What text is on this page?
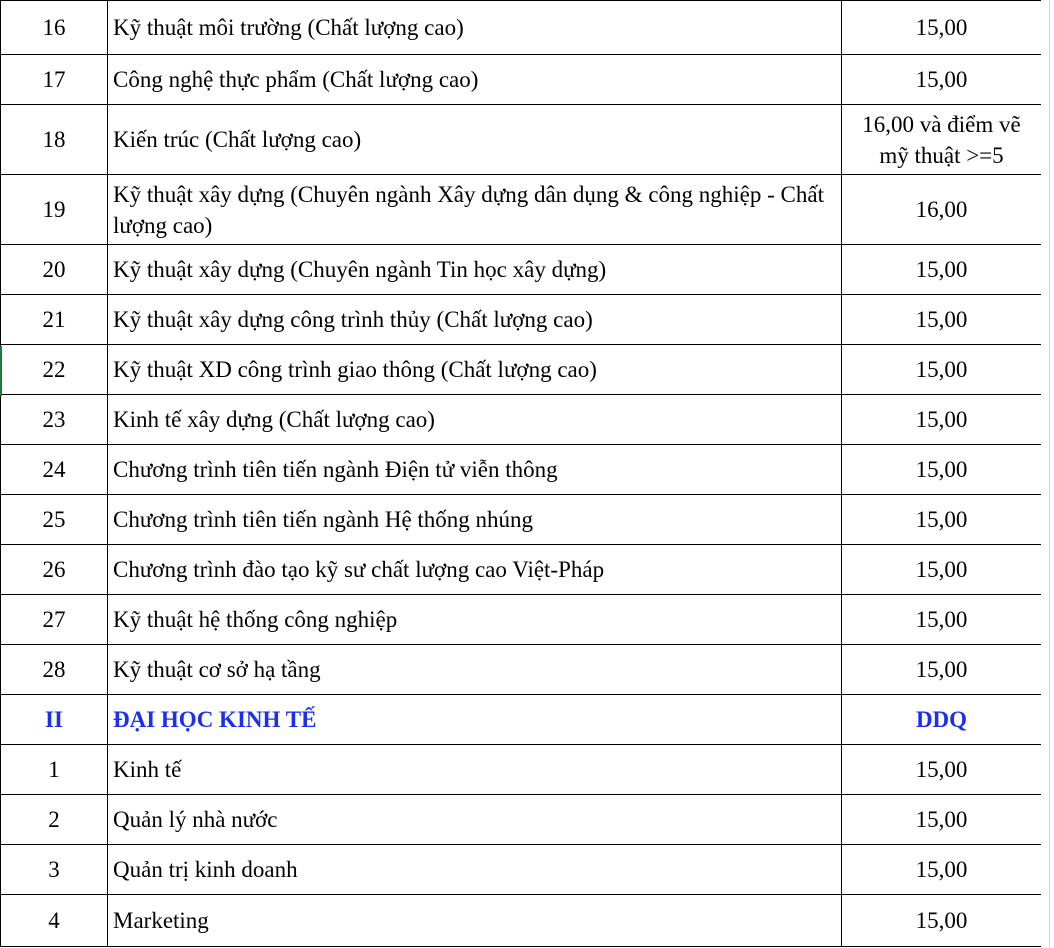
16	Kỹ thuật môi trường (Chất lượng cao)	15,00
17	Công nghệ thực phẩm (Chất lượng cao)	15,00
18	Kiến trúc (Chất lượng cao)	16,00 và điểm vẽ mỹ thuật >=5
19	Kỹ thuật xây dựng (Chuyên ngành Xây dựng dân dụng & công nghiệp - Chất lượng cao)	16,00
20	Kỹ thuật xây dựng (Chuyên ngành Tin học xây dựng)	15,00
21	Kỹ thuật xây dựng công trình thủy (Chất lượng cao)	15,00
22	Kỹ thuật XD công trình giao thông (Chất lượng cao)	15,00
23	Kinh tế xây dựng (Chất lượng cao)	15,00
24	Chương trình tiên tiến ngành Điện tử viễn thông	15,00
25	Chương trình tiên tiến ngành Hệ thống nhúng	15,00
26	Chương trình đào tạo kỹ sư chất lượng cao Việt-Pháp	15,00
27	Kỹ thuật hệ thống công nghiệp	15,00
28	Kỹ thuật cơ sở hạ tầng	15,00
II	ĐẠI HỌC KINH TẾ	DDQ
1	Kinh tế	15,00
2	Quản lý nhà nước	15,00
3	Quản trị kinh doanh	15,00
4	Marketing	15,00
